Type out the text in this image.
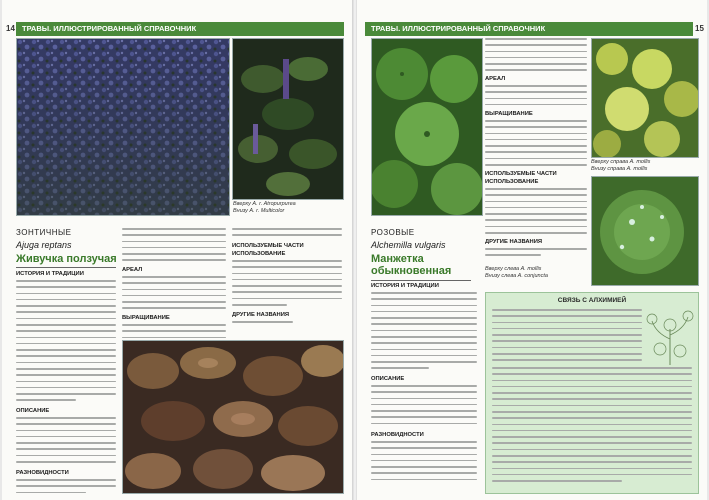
14 ТРАВЫ. ИЛЛЮСТРИРОВАННЫЙ СПРАВОЧНИК
Вверху A. r. Atropurpurea
Внизу A. r. Multicolor
ЗОНТИЧНЫЕ
Ajuga reptans
Живучка ползучая
ИСТОРИЯ И ТРАДИЦИИ
ОПИСАНИЕ
РАЗНОВИДНОСТИ
АРЕАЛ
ВЫРАЩИВАНИЕ
ИСПОЛЬЗУЕМЫЕ ЧАСТИ
ИСПОЛЬЗОВАНИЕ
ДРУГИЕ НАЗВАНИЯ
ТРАВЫ. ИЛЛЮСТРИРОВАННЫЙ СПРАВОЧНИК	15
АРЕАЛ
ВЫРАЩИВАНИЕ
ИСПОЛЬЗУЕМЫЕ ЧАСТИ
ИСПОЛЬЗОВАНИЕ
ДРУГИЕ НАЗВАНИЯ
Вверху справа A. mollis
Внизу справа A. mollis
РОЗОВЫЕ
Alchemilla vulgaris
Манжетка обыкновенная
ИСТОРИЯ И ТРАДИЦИИ
ОПИСАНИЕ
РАЗНОВИДНОСТИ
Вверху слева A. mollis
Внизу слева A. conjuncta
СВЯЗЬ С АЛХИМИЕЙ
